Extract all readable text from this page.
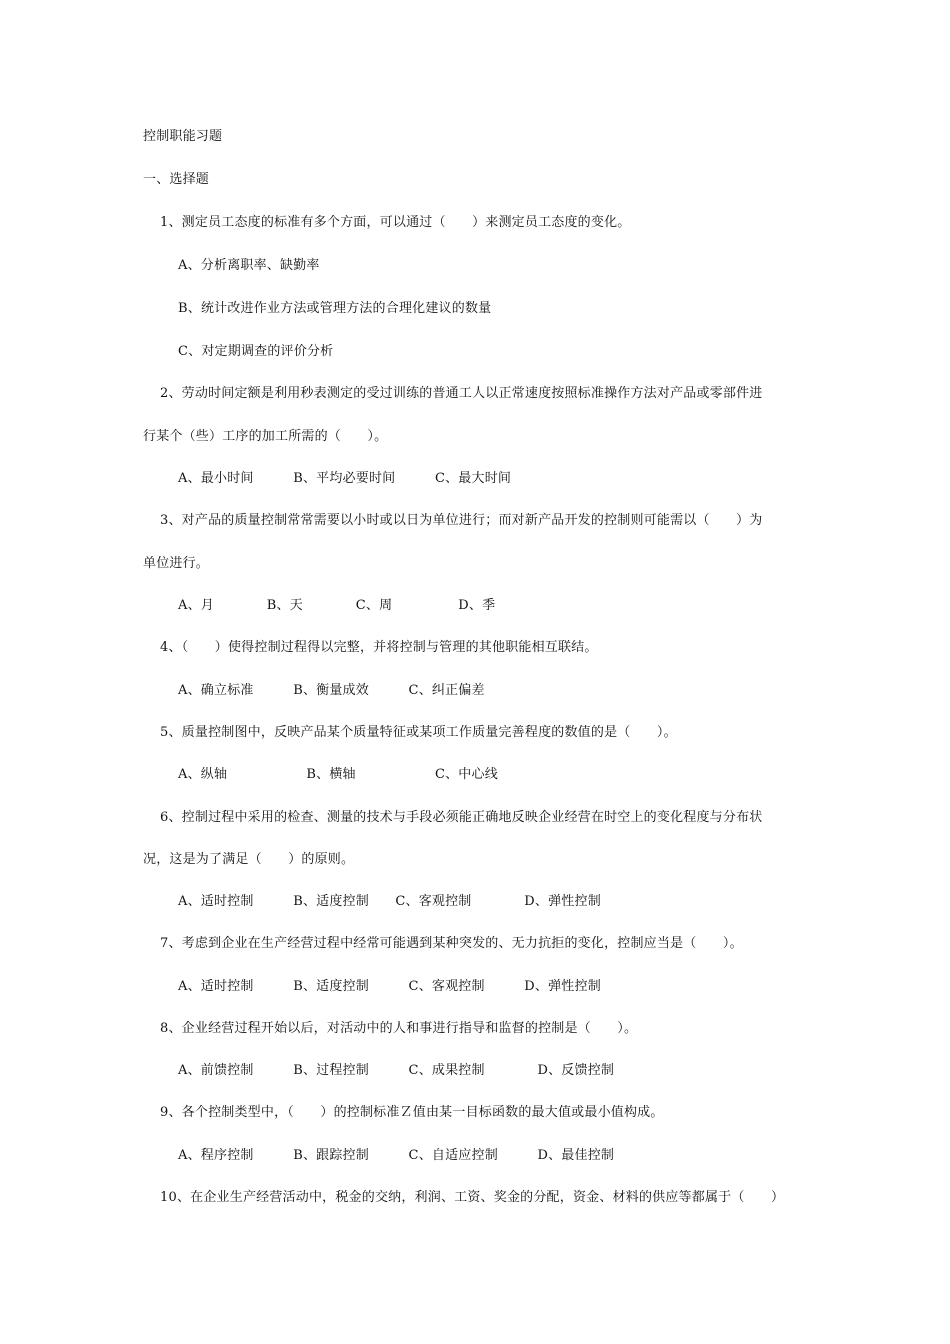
控制职能习题
一、选择题
1、测定员工态度的标准有多个方面，可以通过（　　）来测定员工态度的变化。
A、分析离职率、缺勤率
B、统计改进作业方法或管理方法的合理化建议的数量
C、对定期调查的评价分析
2、劳动时间定额是利用秒表测定的受过训练的普通工人以正常速度按照标准操作方法对产品或零部件进
行某个（些）工序的加工所需的（　　）。
A、最小时间　　　B、平均必要时间　　　C、最大时间
3、对产品的质量控制常常需要以小时或以日为单位进行；而对新产品开发的控制则可能需以（　　）为
单位进行。
A、月　　　　B、天　　　　C、周　　　　　D、季
4、（　　）使得控制过程得以完整，并将控制与管理的其他职能相互联结。
A、确立标准　　　B、衡量成效　　　C、纠正偏差
5、质量控制图中，反映产品某个质量特征或某项工作质量完善程度的数值的是（　　）。
A、纵轴　　　　　　B、横轴　　　　　　C、中心线
6、控制过程中采用的检查、测量的技术与手段必须能正确地反映企业经营在时空上的变化程度与分布状
况，这是为了满足（　　）的原则。
A、适时控制　　　B、适度控制　　C、客观控制　　　　D、弹性控制
7、考虑到企业在生产经营过程中经常可能遇到某种突发的、无力抗拒的变化，控制应当是（　　）。
A、适时控制　　　B、适度控制　　　C、客观控制　　　D、弹性控制
8、企业经营过程开始以后，对活动中的人和事进行指导和监督的控制是（　　）。
A、前馈控制　　　B、过程控制　　　C、成果控制　　　　D、反馈控制
9、各个控制类型中，（　　）的控制标准Ｚ值由某一目标函数的最大值或最小值构成。
A、程序控制　　　B、跟踪控制　　　C、自适应控制　　　D、最佳控制
10、在企业生产经营活动中，税金的交纳，利润、工资、奖金的分配，资金、材料的供应等都属于（　　）
